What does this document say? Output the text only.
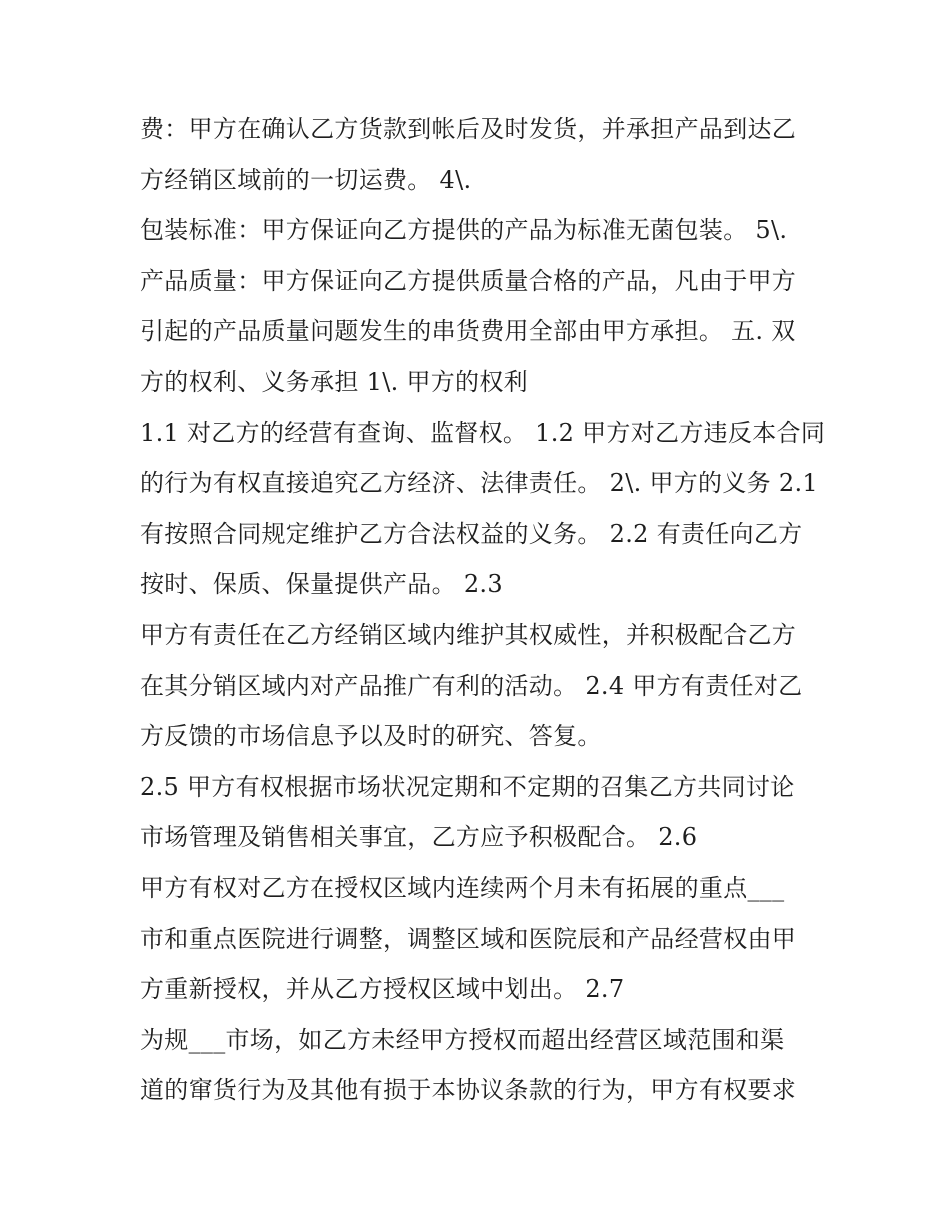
费：甲方在确认乙方货款到帐后及时发货，并承担产品到达乙
方经销区域前的一切运费。 4\.
包装标准：甲方保证向乙方提供的产品为标准无菌包装。 5\.
产品质量：甲方保证向乙方提供质量合格的产品，凡由于甲方
引起的产品质量问题发生的串货费用全部由甲方承担。 五. 双
方的权利、义务承担 1\. 甲方的权利
1.1 对乙方的经营有查询、监督权。 1.2 甲方对乙方违反本合同
的行为有权直接追究乙方经济、法律责任。 2\. 甲方的义务 2.1
有按照合同规定维护乙方合法权益的义务。 2.2 有责任向乙方
按时、保质、保量提供产品。 2.3
甲方有责任在乙方经销区域内维护其权威性，并积极配合乙方
在其分销区域内对产品推广有利的活动。 2.4 甲方有责任对乙
方反馈的市场信息予以及时的研究、答复。
2.5 甲方有权根据市场状况定期和不定期的召集乙方共同讨论
市场管理及销售相关事宜，乙方应予积极配合。 2.6
甲方有权对乙方在授权区域内连续两个月未有拓展的重点___
市和重点医院进行调整，调整区域和医院辰和产品经营权由甲
方重新授权，并从乙方授权区域中划出。 2.7
为规___市场，如乙方未经甲方授权而超出经营区域范围和渠
道的窜货行为及其他有损于本协议条款的行为，甲方有权要求
